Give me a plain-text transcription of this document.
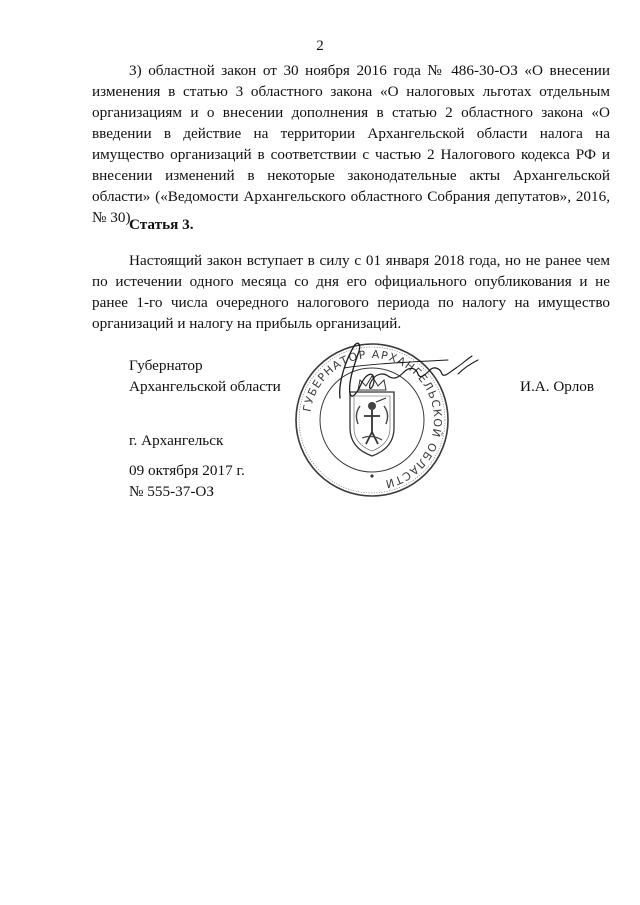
2

3) областной закон от 30 ноября 2016 года № 486-30-ОЗ «О внесении изменения в статью 3 областного закона «О налоговых льготах отдельным организациям и о внесении дополнения в статью 2 областного закона «О введении в действие на территории Архангельской области налога на имущество организаций в соответствии с частью 2 Налогового кодекса РФ и внесении изменений в некоторые законодательные акты Архангельской области» («Ведомости Архангельского областного Собрания депутатов», 2016, № 30).

Статья 3.

Настоящий закон вступает в силу с 01 января 2018 года, но не ранее чем по истечении одного месяца со дня его официального опубликования и не ранее 1-го числа очередного налогового периода по налогу на имущество организаций и налогу на прибыль организаций.

ГУБЕРНАТОР АРХАНГЕЛЬСКОЙ ОБЛАСТИ
Губернатор
Архангельской области	И.А. Орлов
г. Архангельск
09 октября 2017 г.
№ 555-37-ОЗ
